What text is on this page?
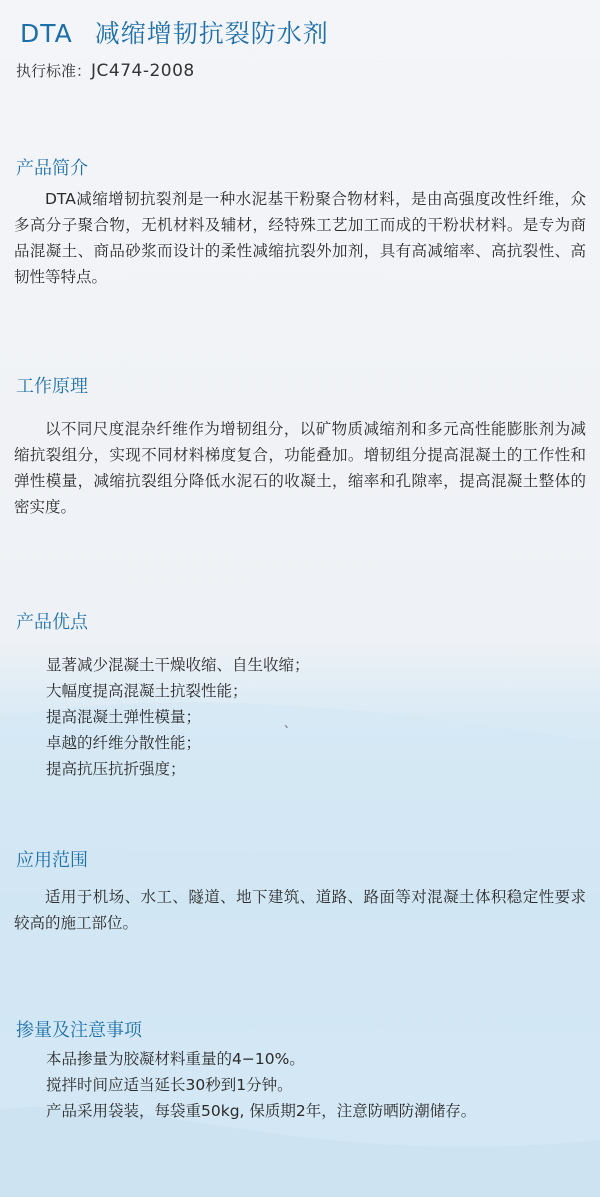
DTA 减缩增韧抗裂防水剂
执行标准：JC474-2008
产品简介

DTA减缩增韧抗裂剂是一种水泥基干粉聚合物材料，是由高强度改性纤维，众多高分子聚合物，无机材料及辅材，经特殊工艺加工而成的干粉状材料。是专为商品混凝土、商品砂浆而设计的柔性减缩抗裂外加剂，具有高减缩率、高抗裂性、高韧性等特点。

工作原理

以不同尺度混杂纤维作为增韧组分，以矿物质减缩剂和多元高性能膨胀剂为减缩抗裂组分，实现不同材料梯度复合，功能叠加。增韧组分提高混凝土的工作性和弹性模量，减缩抗裂组分降低水泥石的收凝土，缩率和孔隙率，提高混凝土整体的密实度。

产品优点
显著减少混凝土干燥收缩、自生收缩；
大幅度提高混凝土抗裂性能；
提高混凝土弹性模量；
卓越的纤维分散性能；
提高抗压抗折强度；
、
应用范围

适用于机场、水工、隧道、地下建筑、道路、路面等对混凝土体积稳定性要求较高的施工部位。

掺量及注意事项
本品掺量为胶凝材料重量的4−10%。
搅拌时间应适当延长30秒到1分钟。
产品采用袋装，每袋重50kg, 保质期2年，注意防晒防潮储存。
